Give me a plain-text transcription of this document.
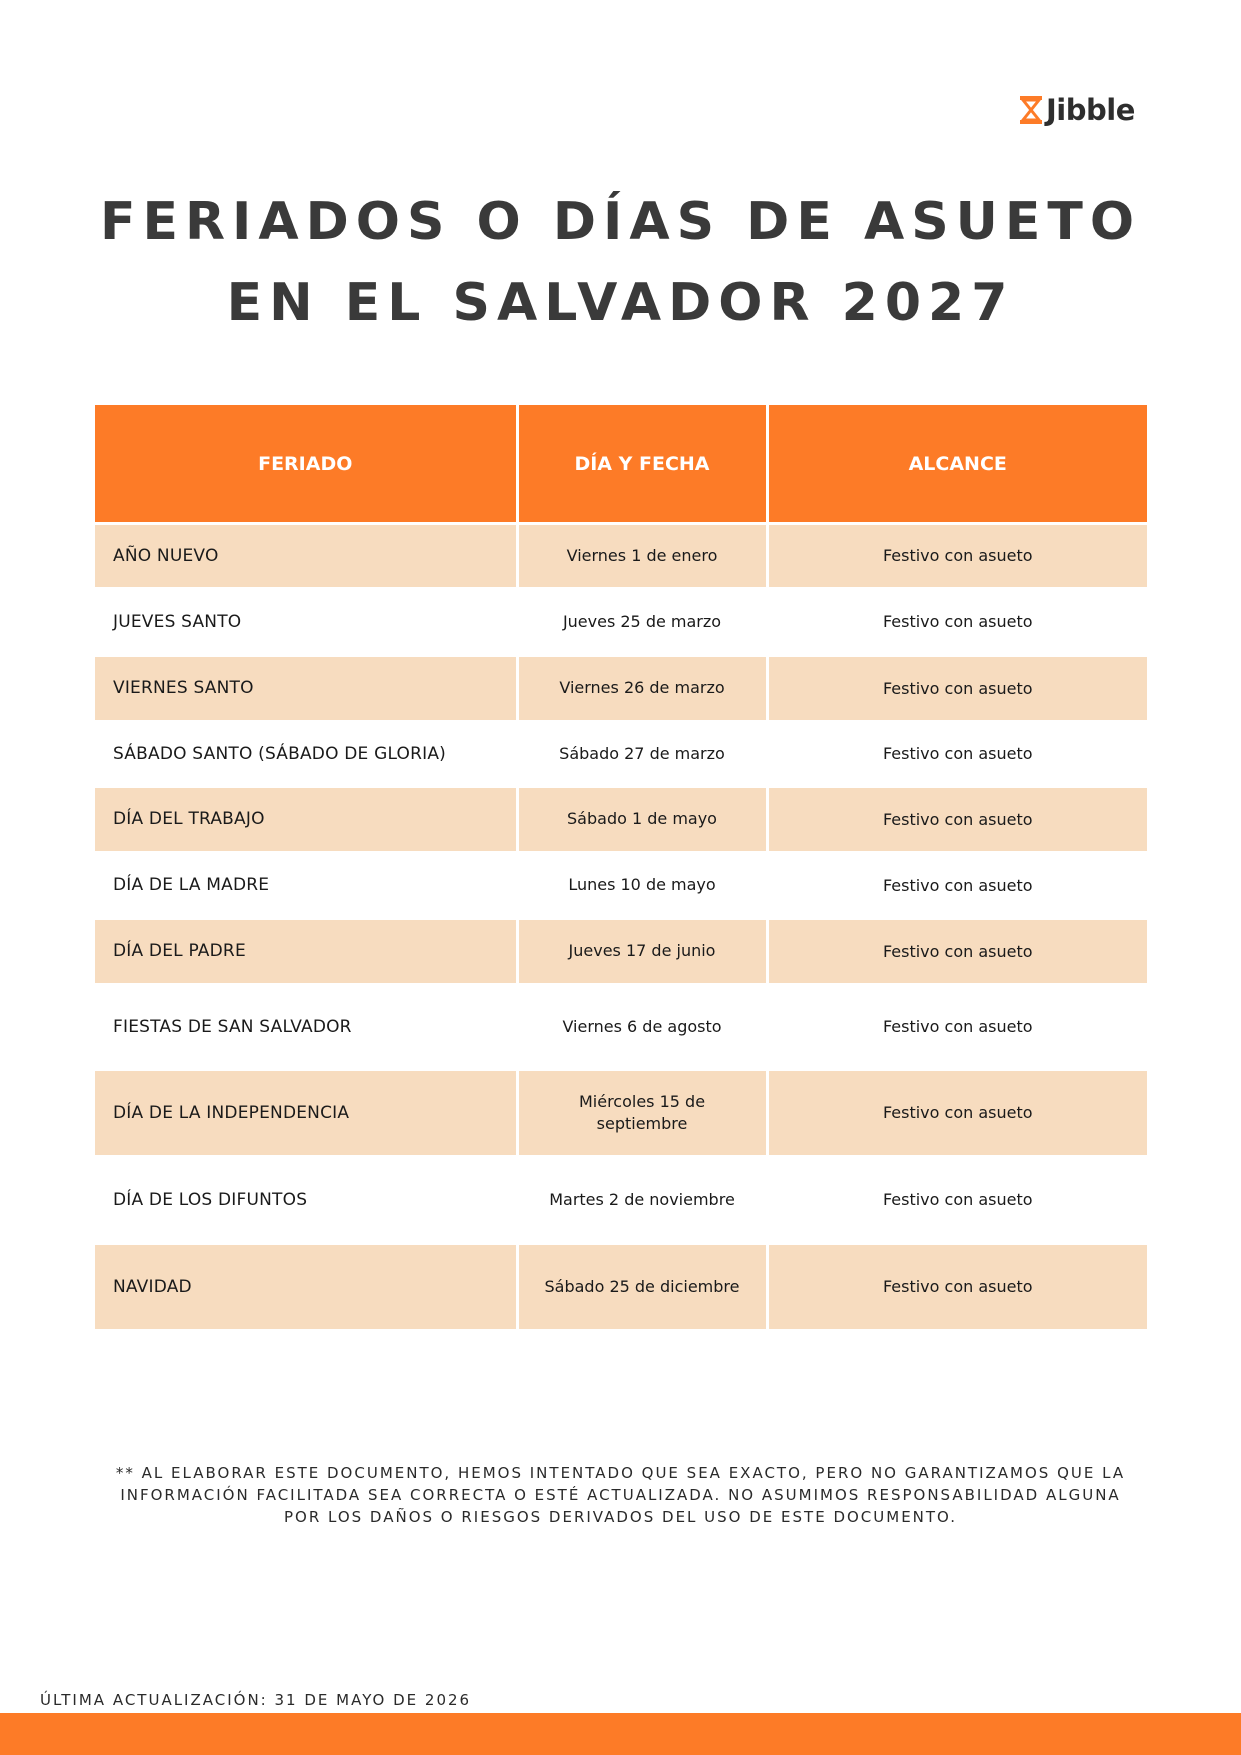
Jibble
FERIADOS O DÍAS DE ASUETO
EN EL SALVADOR 2027
FERIADO	DÍA Y FECHA	ALCANCE
AÑO NUEVO	Viernes 1 de enero	Festivo con asueto
JUEVES SANTO	Jueves 25 de marzo	Festivo con asueto
VIERNES SANTO	Viernes 26 de marzo	Festivo con asueto
SÁBADO SANTO (SÁBADO DE GLORIA)	Sábado 27 de marzo	Festivo con asueto
DÍA DEL TRABAJO	Sábado 1 de mayo	Festivo con asueto
DÍA DE LA MADRE	Lunes 10 de mayo	Festivo con asueto
DÍA DEL PADRE	Jueves 17 de junio	Festivo con asueto
FIESTAS DE SAN SALVADOR	Viernes 6 de agosto	Festivo con asueto
DÍA DE LA INDEPENDENCIA	Miércoles 15 de septiembre	Festivo con asueto
DÍA DE LOS DIFUNTOS	Martes 2 de noviembre	Festivo con asueto
NAVIDAD	Sábado 25 de diciembre	Festivo con asueto

** AL ELABORAR ESTE DOCUMENTO, HEMOS INTENTADO QUE SEA EXACTO, PERO NO GARANTIZAMOS QUE LA INFORMACIÓN FACILITADA SEA CORRECTA O ESTÉ ACTUALIZADA. NO ASUMIMOS RESPONSABILIDAD ALGUNA POR LOS DAÑOS O RIESGOS DERIVADOS DEL USO DE ESTE DOCUMENTO.

ÚLTIMA ACTUALIZACIÓN: 31 DE MAYO DE 2026
